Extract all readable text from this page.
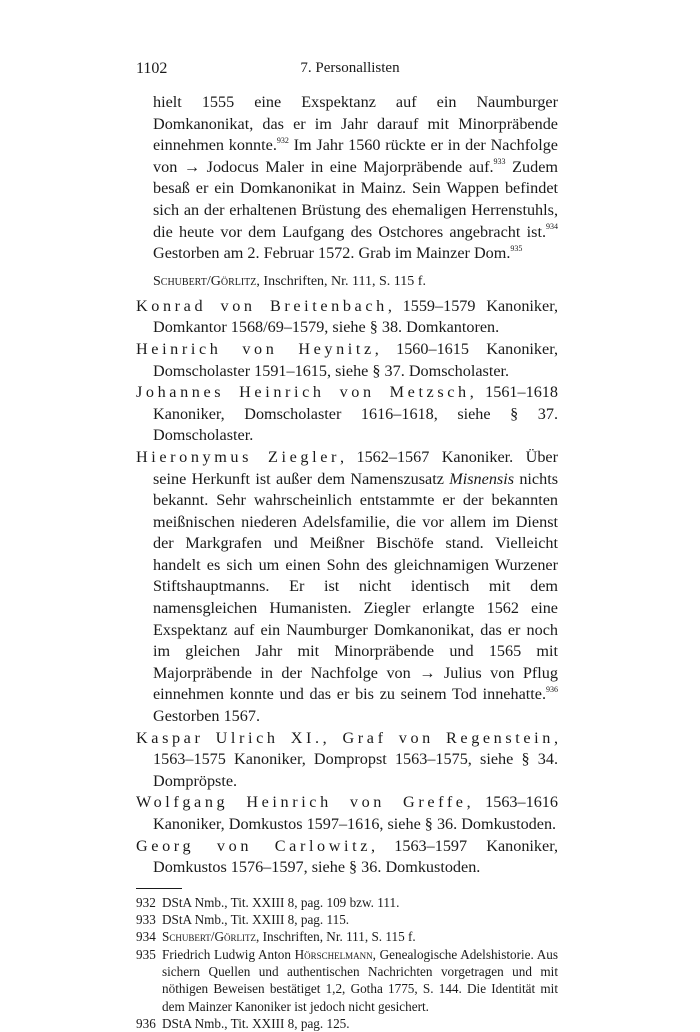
1102	7. Personallisten

hielt 1555 eine Exspektanz auf ein Naumburger Domkanonikat, das er im Jahr darauf mit Minorpräbende einnehmen konnte.$^{932}$ Im Jahr 1560 rückte er in der Nachfolge von → Jodocus Maler in eine Majorpräbende auf.$^{933}$ Zudem besaß er ein Domkanonikat in Mainz. Sein Wappen befindet sich an der erhaltenen Brüstung des ehemaligen Herrenstuhls, die heute vor dem Laufgang des Ostchores angebracht ist.$^{934}$ Gestorben am 2. Februar 1572. Grab im Mainzer Dom.$^{935}$

Schubert/Görlitz, Inschriften, Nr. 111, S. 115 f.

Konrad von Breitenbach, 1559–1579 Kanoniker, Domkantor 1568/69–1579, siehe § 38. Domkantoren.

Heinrich von Heynitz, 1560–1615 Kanoniker, Domscholaster 1591–1615, siehe § 37. Domscholaster.

Johannes Heinrich von Metzsch, 1561–1618 Kanoniker, Domscholaster 1616–1618, siehe § 37. Domscholaster.

Hieronymus Ziegler, 1562–1567 Kanoniker. Über seine Herkunft ist außer dem Namenszusatz Misnensis nichts bekannt. Sehr wahrscheinlich entstammte er der bekannten meißnischen niederen Adelsfamilie, die vor allem im Dienst der Markgrafen und Meißner Bischöfe stand. Vielleicht handelt es sich um einen Sohn des gleichnamigen Wurzener Stiftshauptmanns. Er ist nicht identisch mit dem namensgleichen Humanisten. Ziegler erlangte 1562 eine Exspektanz auf ein Naumburger Domkanonikat, das er noch im gleichen Jahr mit Minorpräbende und 1565 mit Majorpräbende in der Nachfolge von → Julius von Pflug einnehmen konnte und das er bis zu seinem Tod innehatte.$^{936}$ Gestorben 1567.

Kaspar Ulrich XI., Graf von Regenstein, 1563–1575 Kanoniker, Dompropst 1563–1575, siehe § 34. Dompröpste.

Wolfgang Heinrich von Greffe, 1563–1616 Kanoniker, Domkustos 1597–1616, siehe § 36. Domkustoden.

Georg von Carlowitz, 1563–1597 Kanoniker, Domkustos 1576–1597, siehe § 36. Domkustoden.

932 DStA Nmb., Tit. XXIII 8, pag. 109 bzw. 111.
933 DStA Nmb., Tit. XXIII 8, pag. 115.
934 Schubert/Görlitz, Inschriften, Nr. 111, S. 115 f.
935 Friedrich Ludwig Anton Hörschelmann, Genealogische Adelshistorie. Aus sichern Quellen und authentischen Nachrichten vorgetragen und mit nöthigen Beweisen bestätiget 1,2, Gotha 1775, S. 144. Die Identität mit dem Mainzer Kanoniker ist jedoch nicht gesichert.
936 DStA Nmb., Tit. XXIII 8, pag. 125.
